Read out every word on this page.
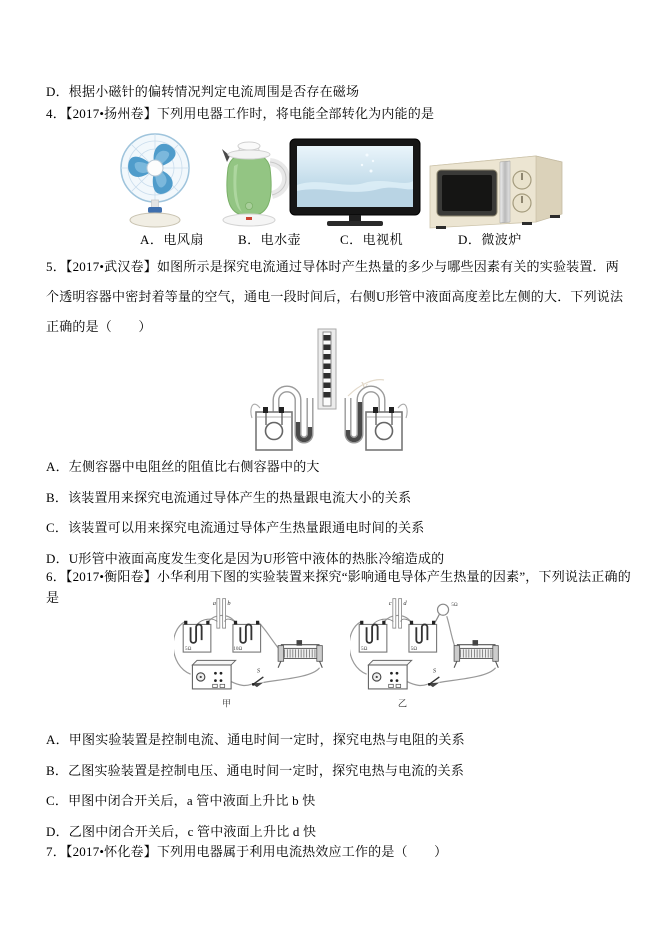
D．根据小磁针的偏转情况判定电流周围是否存在磁场
4．【2017•扬州卷】下列用电器工作时，将电能全部转化为内能的是
A．电风扇	B．电水壶	C．电视机	D．微波炉
5．【2017•武汉卷】如图所示是探究电流通过导体时产生热量的多少与哪些因素有关的实验装置．两个透明容器中密封着等量的空气，通电一段时间后，右侧U形管中液面高度差比左侧的大．下列说法正确的是（　　）
k
A．左侧容器中电阻丝的阻值比右侧容器中的大
B．该装置用来探究电流通过导体产生的热量跟电流大小的关系
C．该装置可以用来探究电流通过导体产生热量跟通电时间的关系
D．U形管中液面高度发生变化是因为U形管中液体的热胀冷缩造成的
6．【2017•衡阳卷】小华利用下图的实验装置来探究“影响通电导体产生热量的因素”，下列说法正确的是	a b
5Ω	10Ω
S
甲
5Ω
c d
5Ω	5Ω
S
乙
A．甲图实验装置是控制电流、通电时间一定时，探究电热与电阻的关系
B．乙图实验装置是控制电压、通电时间一定时，探究电热与电流的关系
C．甲图中闭合开关后，a 管中液面上升比 b 快
D．乙图中闭合开关后，c 管中液面上升比 d 快
7．【2017•怀化卷】下列用电器属于利用电流热效应工作的是（　　）
